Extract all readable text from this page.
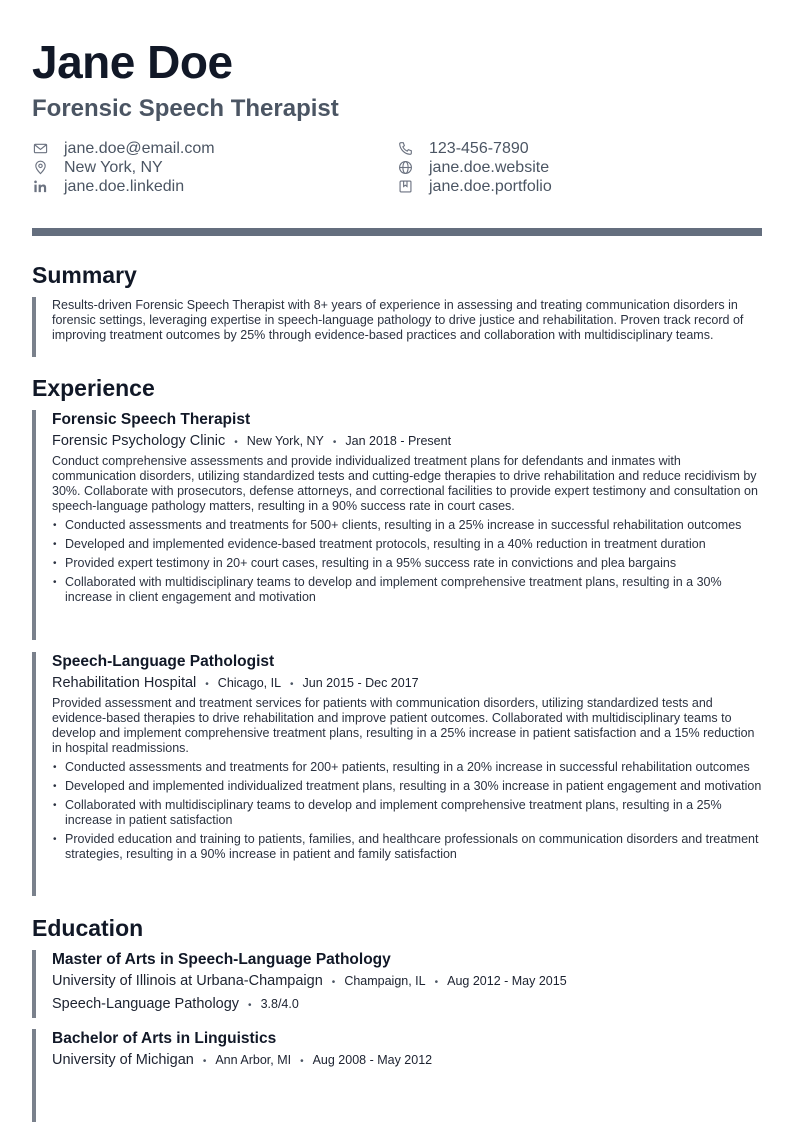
Jane Doe
Forensic Speech Therapist
jane.doe@email.com
New York, NY
jane.doe.linkedin
123-456-7890
jane.doe.website
jane.doe.portfolio
Summary

Results-driven Forensic Speech Therapist with 8+ years of experience in assessing and treating communication disorders in forensic settings, leveraging expertise in speech-language pathology to drive justice and rehabilitation. Proven track record of improving treatment outcomes by 25% through evidence-based practices and collaboration with multidisciplinary teams.

Experience
Forensic Speech Therapist
Forensic Psychology Clinic • New York, NY • Jan 2018 - Present

Conduct comprehensive assessments and provide individualized treatment plans for defendants and inmates with communication disorders, utilizing standardized tests and cutting-edge therapies to drive rehabilitation and reduce recidivism by 30%. Collaborate with prosecutors, defense attorneys, and correctional facilities to provide expert testimony and consultation on speech-language pathology matters, resulting in a 90% success rate in court cases.

• Conducted assessments and treatments for 500+ clients, resulting in a 25% increase in successful rehabilitation outcomes
• Developed and implemented evidence-based treatment protocols, resulting in a 40% reduction in treatment duration
• Provided expert testimony in 20+ court cases, resulting in a 95% success rate in convictions and plea bargains
• Collaborated with multidisciplinary teams to develop and implement comprehensive treatment plans, resulting in a 30% increase in client engagement and motivation
Speech-Language Pathologist
Rehabilitation Hospital • Chicago, IL • Jun 2015 - Dec 2017

Provided assessment and treatment services for patients with communication disorders, utilizing standardized tests and evidence-based therapies to drive rehabilitation and improve patient outcomes. Collaborated with multidisciplinary teams to develop and implement comprehensive treatment plans, resulting in a 25% increase in patient satisfaction and a 15% reduction in hospital readmissions.

• Conducted assessments and treatments for 200+ patients, resulting in a 20% increase in successful rehabilitation outcomes
• Developed and implemented individualized treatment plans, resulting in a 30% increase in patient engagement and motivation
• Collaborated with multidisciplinary teams to develop and implement comprehensive treatment plans, resulting in a 25% increase in patient satisfaction
• Provided education and training to patients, families, and healthcare professionals on communication disorders and treatment strategies, resulting in a 90% increase in patient and family satisfaction
Education
Master of Arts in Speech-Language Pathology
University of Illinois at Urbana-Champaign • Champaign, IL • Aug 2012 - May 2015
Speech-Language Pathology • 3.8/4.0
Bachelor of Arts in Linguistics
University of Michigan • Ann Arbor, MI • Aug 2008 - May 2012
